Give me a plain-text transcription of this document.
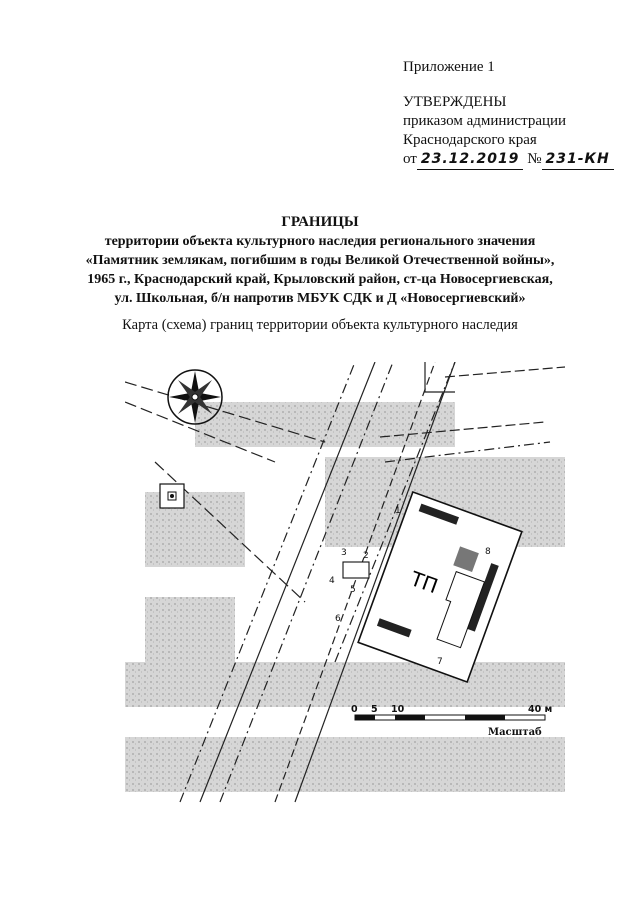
Приложение 1
УТВЕРЖДЕНЫ
приказом администрации
Краснодарского края
от 23.12.2019 № 231-КН
ГРАНИЦЫ
территории объекта культурного наследия регионального значения
«Памятник землякам, погибшим в годы Великой Отечественной войны»,
1965 г., Краснодарский край, Крыловский район, ст-ца Новосергиевская,
ул. Школьная, б/н напротив МБУК СДК и Д «Новосергиевский»
Карта (схема) границ территории объекта культурного наследия
ТП
1
2
3
4
5
6
7
8
0 5 10	40 м
Масштаб
